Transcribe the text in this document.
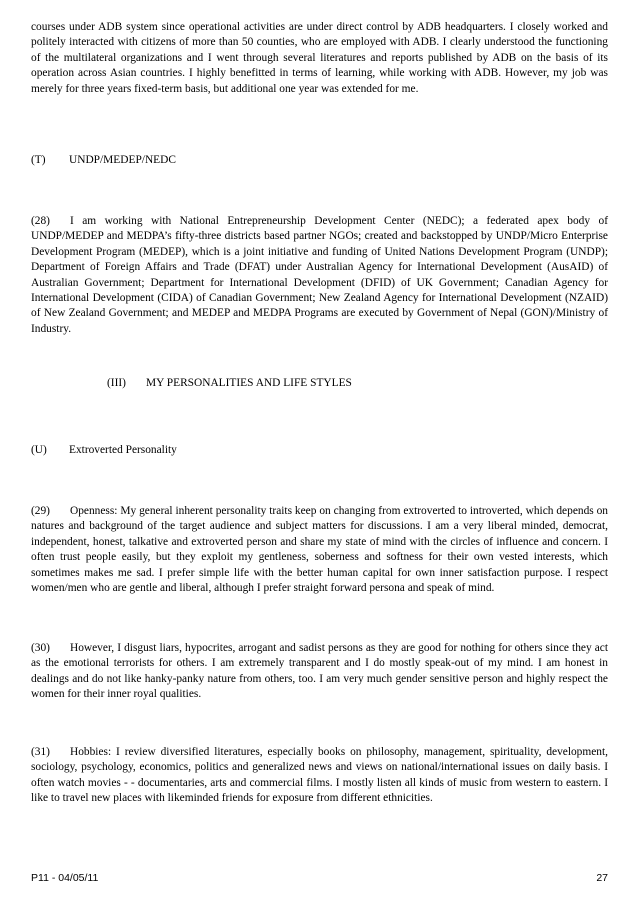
courses under ADB system since operational activities are under direct control by ADB headquarters. I closely worked and politely interacted with citizens of more than 50 counties, who are employed with ADB. I clearly understood the functioning of the multilateral organizations and I went through several literatures and reports published by ADB on the basis of its operation across Asian countries. I highly benefitted in terms of learning, while working with ADB. However, my job was merely for three years fixed-term basis, but additional one year was extended for me.
(T) UNDP/MEDEP/NEDC
(28) I am working with National Entrepreneurship Development Center (NEDC); a federated apex body of UNDP/MEDEP and MEDPA’s fifty-three districts based partner NGOs; created and backstopped by UNDP/Micro Enterprise Development Program (MEDEP), which is a joint initiative and funding of United Nations Development Program (UNDP); Department of Foreign Affairs and Trade (DFAT) under Australian Agency for International Development (AusAID) of Australian Government; Department for International Development (DFID) of UK Government; Canadian Agency for International Development (CIDA) of Canadian Government; New Zealand Agency for International Development (NZAID) of New Zealand Government; and MEDEP and MEDPA Programs are executed by Government of Nepal (GON)/Ministry of Industry.
(III) MY PERSONALITIES AND LIFE STYLES
(U) Extroverted Personality
(29) Openness: My general inherent personality traits keep on changing from extroverted to introverted, which depends on natures and background of the target audience and subject matters for discussions. I am a very liberal minded, democrat, independent, honest, talkative and extroverted person and share my state of mind with the circles of influence and concern. I often trust people easily, but they exploit my gentleness, soberness and softness for their own vested interests, which sometimes makes me sad. I prefer simple life with the better human capital for own inner satisfaction purpose. I respect women/men who are gentle and liberal, although I prefer straight forward persona and speak of mind.
(30) However, I disgust liars, hypocrites, arrogant and sadist persons as they are good for nothing for others since they act as the emotional terrorists for others. I am extremely transparent and I do mostly speak-out of my mind. I am honest in dealings and do not like hanky-panky nature from others, too. I am very much gender sensitive person and highly respect the women for their inner royal qualities.
(31) Hobbies: I review diversified literatures, especially books on philosophy, management, spirituality, development, sociology, psychology, economics, politics and generalized news and views on national/international issues on daily basis. I often watch movies - - documentaries, arts and commercial films. I mostly listen all kinds of music from western to eastern. I like to travel new places with likeminded friends for exposure from different ethnicities.
P11 - 04/05/11	27
